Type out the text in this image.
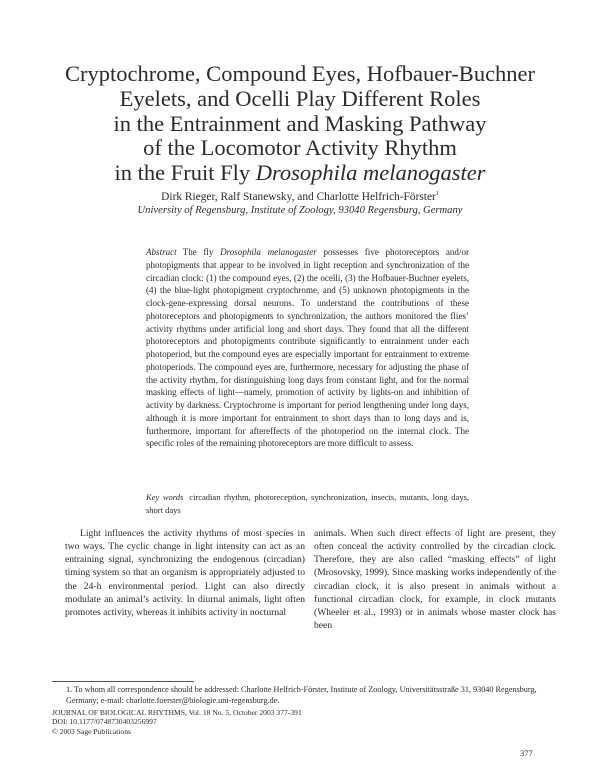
Cryptochrome, Compound Eyes, Hofbauer-Buchner
Eyelets, and Ocelli Play Different Roles
in the Entrainment and Masking Pathway
of the Locomotor Activity Rhythm
in the Fruit Fly Drosophila melanogaster
Dirk Rieger, Ralf Stanewsky, and Charlotte Helfrich-Förster$^1$
University of Regensburg, Institute of Zoology, 93040 Regensburg, Germany
Abstract The fly Drosophila melanogaster possesses five photoreceptors and/or photopigments that appear to be involved in light reception and synchronization of the circadian clock: (1) the compound eyes, (2) the ocelli, (3) the Hofbauer-Buchner eyelets, (4) the blue-light photopigment cryptochrome, and (5) unknown photopigments in the clock-gene-expressing dorsal neurons. To understand the contributions of these photoreceptors and photopigments to synchronization, the authors monitored the flies’ activity rhythms under artificial long and short days. They found that all the different photoreceptors and photopigments contribute significantly to entrainment under each photoperiod, but the compound eyes are especially important for entrainment to extreme photoperiods. The compound eyes are, furthermore, necessary for adjusting the phase of the activity rhythm, for distinguishing long days from constant light, and for the normal masking effects of light—namely, promotion of activity by lights-on and inhibition of activity by darkness. Cryptochrome is important for period lengthening under long days, although it is more important for entrainment to short days than to long days and is, furthermore, important for aftereffects of the photoperiod on the internal clock. The specific roles of the remaining photoreceptors are more difficult to assess.
Key words circadian rhythm, photoreception, synchronization, insects, mutants, long days, short days
Light influences the activity rhythms of most species in two ways. The cyclic change in light intensity can act as an entraining signal, synchronizing the endogenous (circadian) timing system so that an organism is appropriately adjusted to the 24-h environmental period. Light can also directly modulate an animal’s activity. In diurnal animals, light often promotes activity, whereas it inhibits activity in nocturnal
animals. When such direct effects of light are present, they often conceal the activity controlled by the circadian clock. Therefore, they are also called “masking effects” of light (Mrosovsky, 1999). Since masking works independently of the circadian clock, it is also present in animals without a functional circadian clock, for example, in clock mutants (Wheeler et al., 1993) or in animals whose master clock has been
1. To whom all correspondence should be addressed: Charlotte Helfrich-Förster, Institute of Zoology, Universitätsstraße 31, 93040 Regensburg, Germany; e-mail: charlotte.foerster@biologie.uni-regensburg.de.
JOURNAL OF BIOLOGICAL RHYTHMS, Vol. 18 No. 5, October 2003 377-391
DOI: 10.1177/0748730403256997
© 2003 Sage Publications
377
